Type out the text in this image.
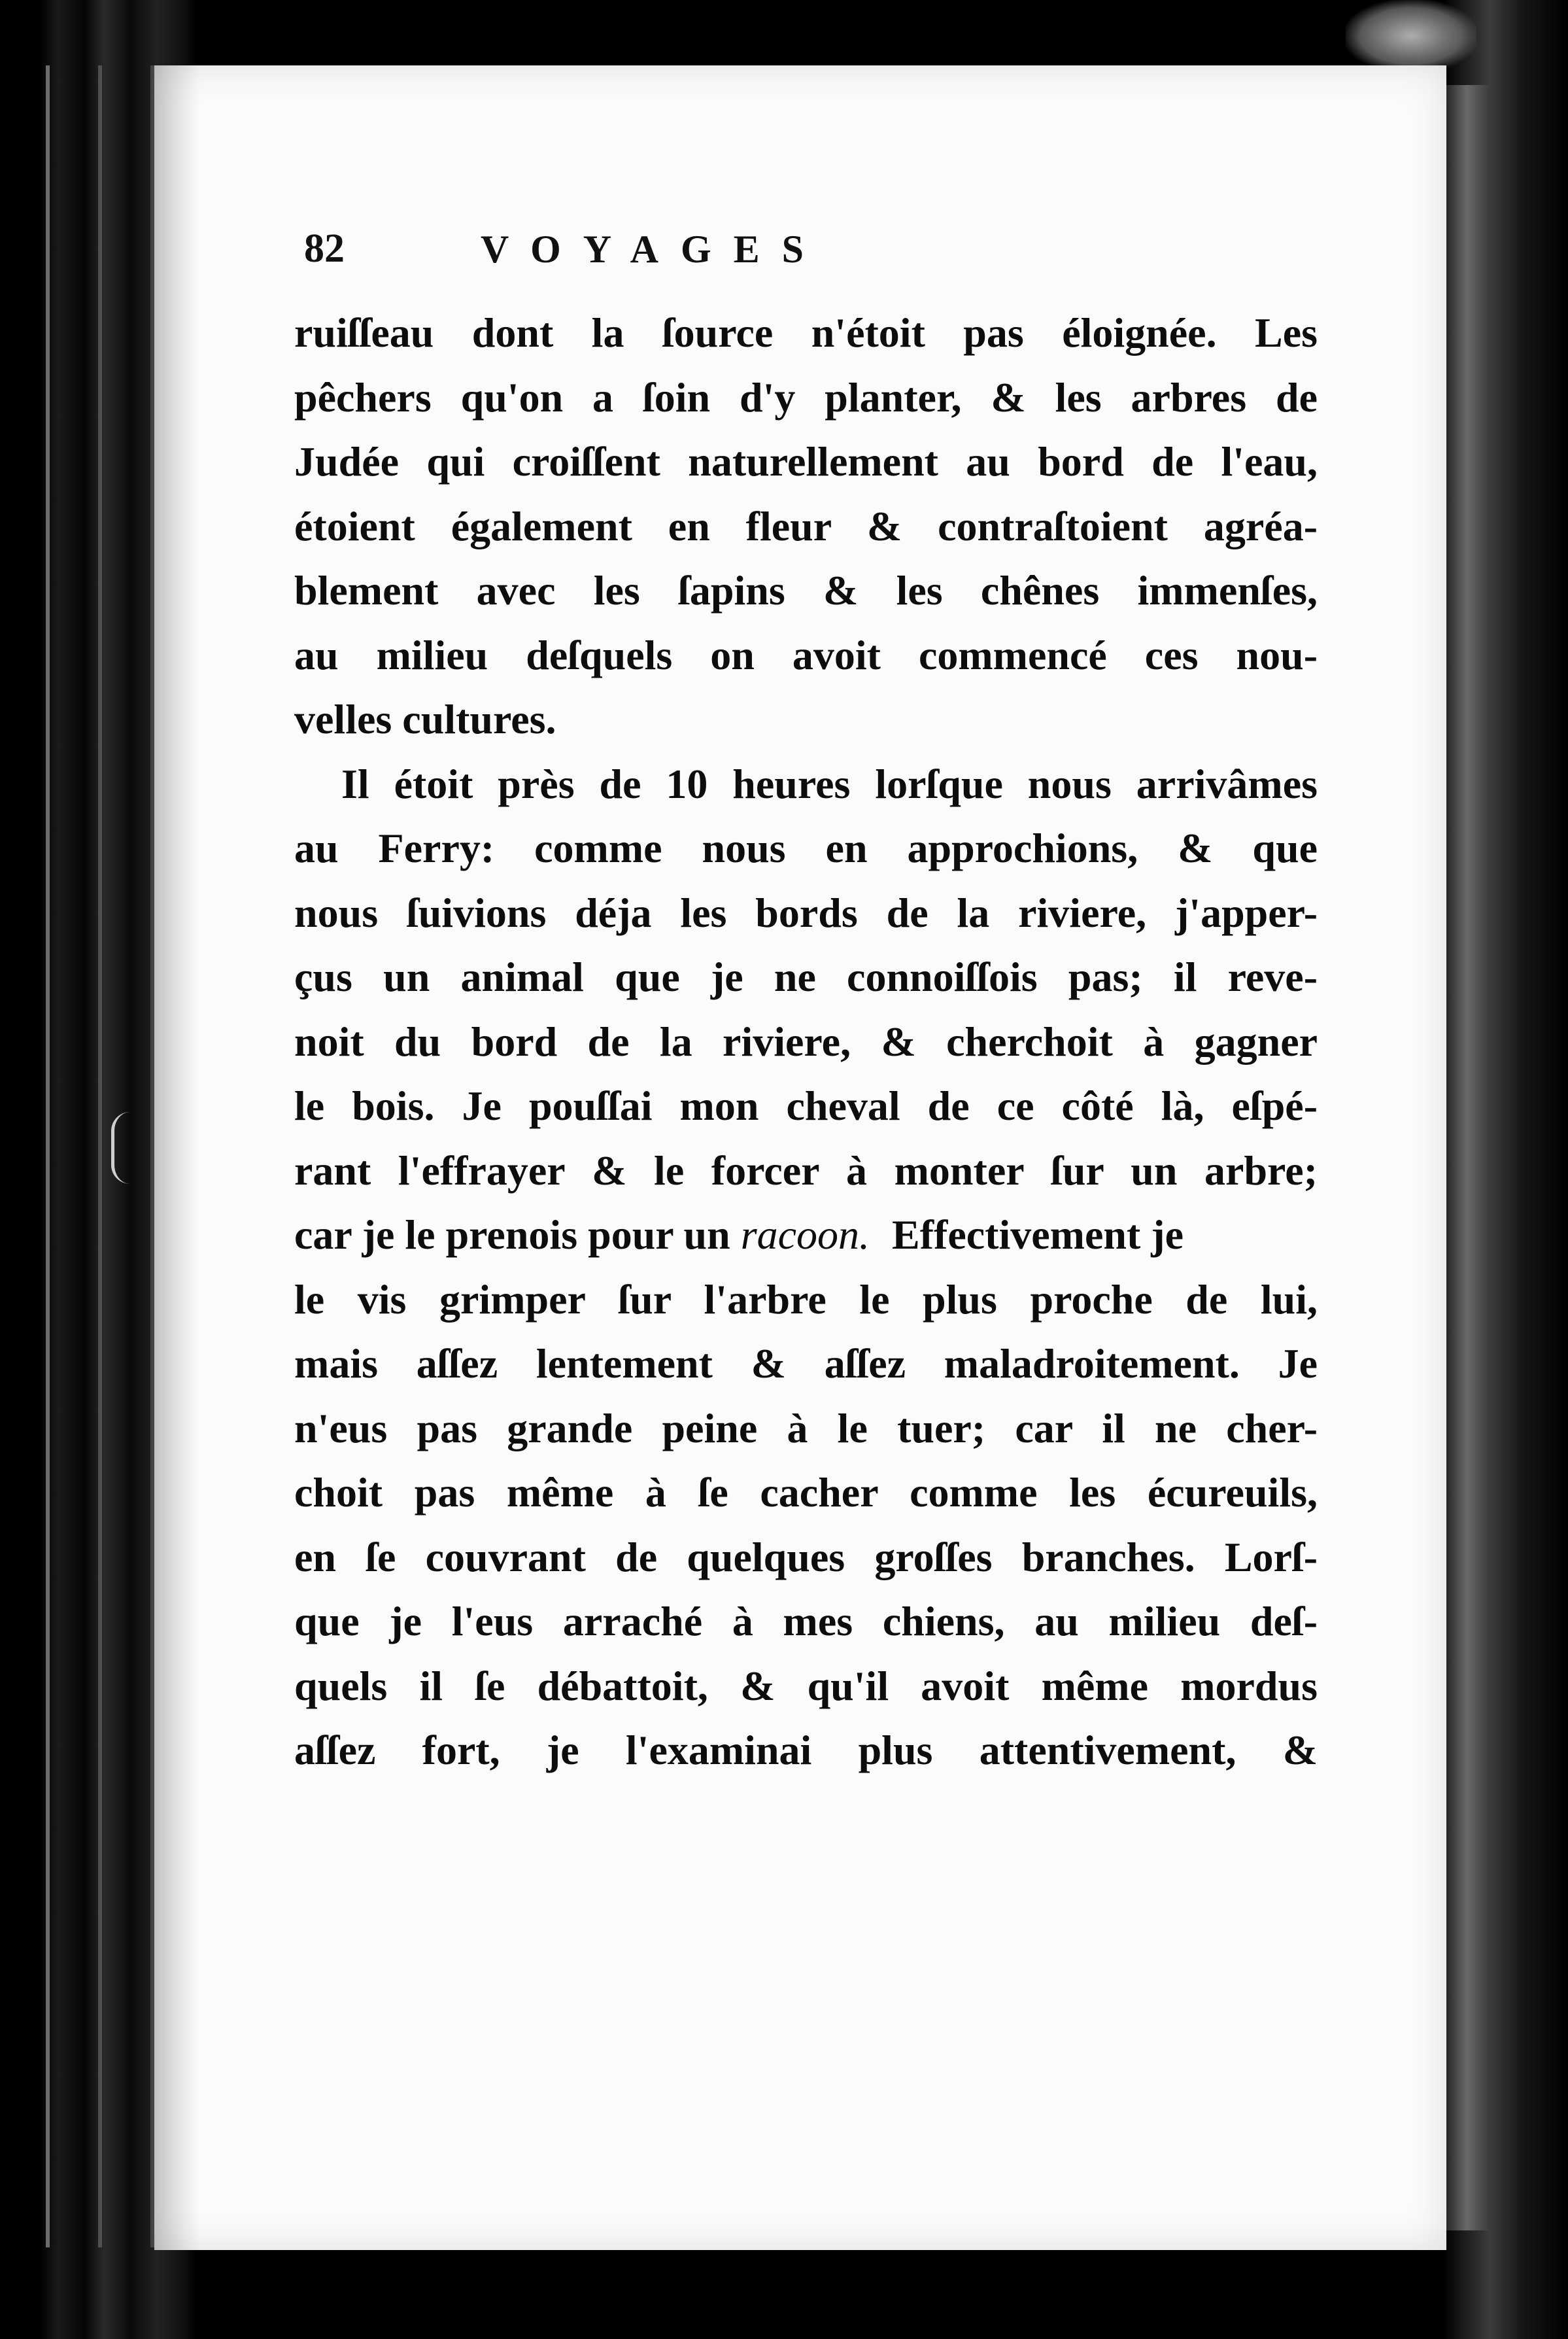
82	VOYAGES
ruiſſeau dont la ſource n'étoit pas éloignée. Les
pêchers qu'on a ſoin d'y planter, & les arbres de
Judée qui croiſſent naturellement au bord de l'eau,
étoient également en fleur & contraſtoient agréa-
blement avec les ſapins & les chênes immenſes,
au milieu deſquels on avoit commencé ces nou-
velles cultures.
Il étoit près de 10 heures lorſque nous arrivâmes
au Ferry: comme nous en approchions, & que
nous ſuivions déja les bords de la riviere, j'apper-
çus un animal que je ne connoiſſois pas; il reve-
noit du bord de la riviere, & cherchoit à gagner
le bois. Je pouſſai mon cheval de ce côté là, eſpé-
rant l'effrayer & le forcer à monter ſur un arbre;
car je le prenois pour un racoon. Effectivement je
le vis grimper ſur l'arbre le plus proche de lui,
mais aſſez lentement & aſſez maladroitement. Je
n'eus pas grande peine à le tuer; car il ne cher-
choit pas même à ſe cacher comme les écureuils,
en ſe couvrant de quelques groſſes branches. Lorſ-
que je l'eus arraché à mes chiens, au milieu deſ-
quels il ſe débattoit, & qu'il avoit même mordus
aſſez fort, je l'examinai plus attentivement, &
